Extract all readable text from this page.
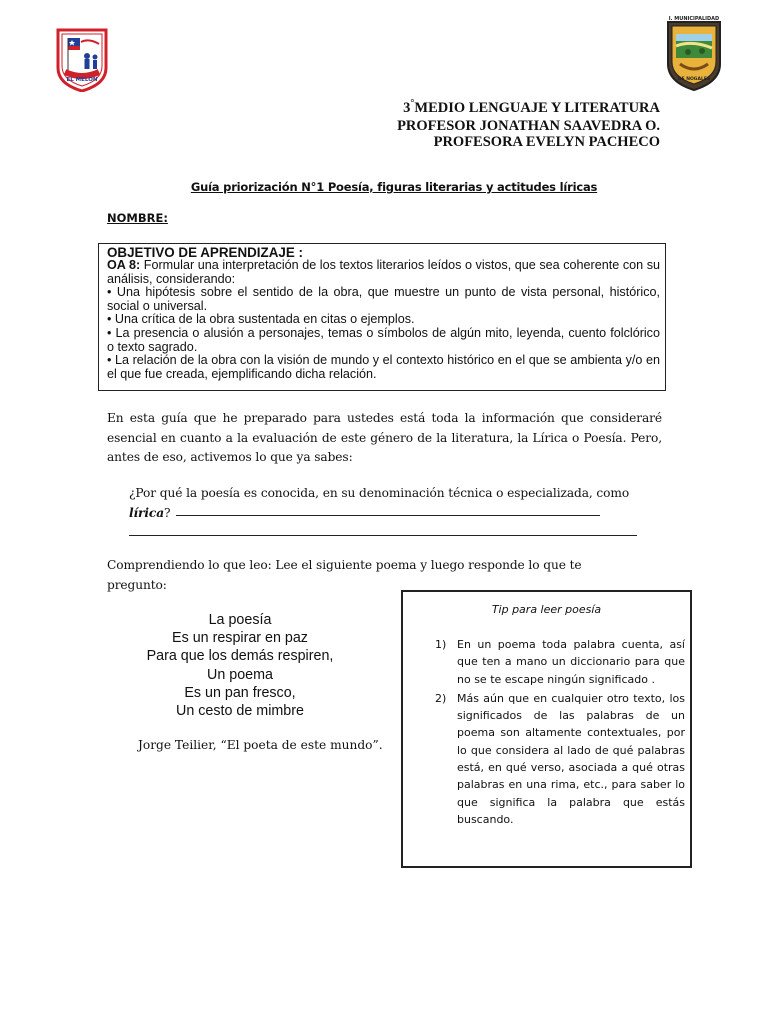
EL MELON
I. MUNICIPALIDAD
DE NOGALES
3°MEDIO LENGUAJE Y LITERATURA
PROFESOR JONATHAN SAAVEDRA O.
PROFESORA EVELYN PACHECO
Guía priorización N°1 Poesía, figuras literarias y actitudes líricas
NOMBRE:

OBJETIVO DE APRENDIZAJE :

OA 8: Formular una interpretación de los textos literarios leídos o vistos, que sea coherente con su análisis, considerando:

• Una hipótesis sobre el sentido de la obra, que muestre un punto de vista personal, histórico, social o universal.

• Una crítica de la obra sustentada en citas o ejemplos.

• La presencia o alusión a personajes, temas o símbolos de algún mito, leyenda, cuento folclórico o texto sagrado.

• La relación de la obra con la visión de mundo y el contexto histórico en el que se ambienta y/o en el que fue creada, ejemplificando dicha relación.

En esta guía que he preparado para ustedes está toda la información que consideraré esencial en cuanto a la evaluación de este género de la literatura, la Lírica o Poesía. Pero, antes de eso, activemos lo que ya sabes:
¿Por qué la poesía es conocida, en su denominación técnica o especializada, como
lírica?
Comprendiendo lo que leo: Lee el siguiente poema y luego responde lo que te pregunto:
La poesía
Es un respirar en paz
Para que los demás respiren,
Un poema
Es un pan fresco,
Un cesto de mimbre
Jorge Teilier, “El poeta de este mundo”.
Tip para leer poesía
1) En un poema toda palabra cuenta, así que ten a mano un diccionario para que no se te escape ningún significado .
2) Más aún que en cualquier otro texto, los significados de las palabras de un poema son altamente contextuales, por lo que considera al lado de qué palabras está, en qué verso, asociada a qué otras palabras en una rima, etc., para saber lo que significa la palabra que estás buscando.
